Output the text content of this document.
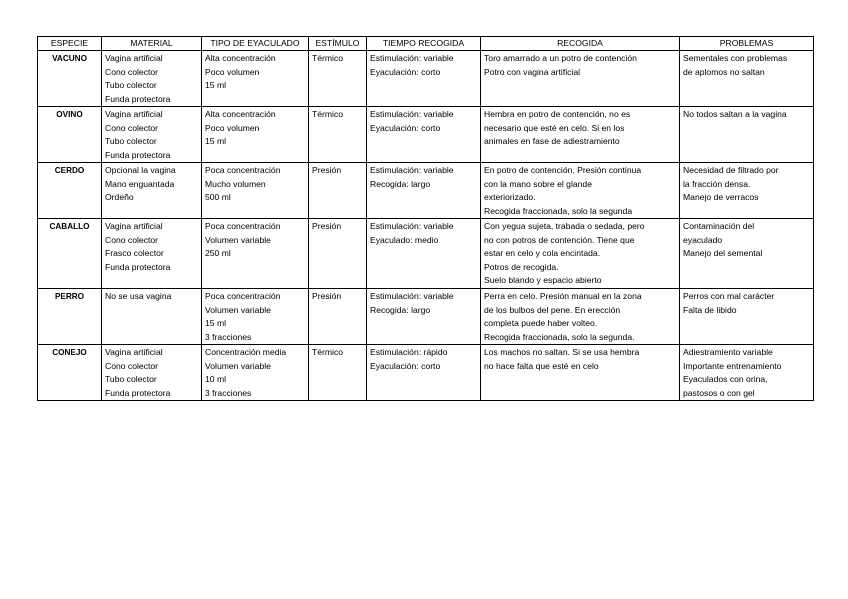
ESPECIE	MATERIAL	TIPO DE EYACULADO	ESTÍMULO	TIEMPO RECOGIDA	RECOGIDA	PROBLEMAS
VACUNO	Vagina artificial
Cono colector
Tubo colector
Funda protectora	Alta concentración
Poco volumen
15 ml	Térmico	Estimulación: variable
Eyaculación: corto	Toro amarrado a un potro de contención
Potro con vagina artificial	Sementales con problemas
de aplomos no saltan

OVINO	Vagina artificial
Cono colector
Tubo colector
Funda protectora	Alta concentración
Poco volumen
15 ml	Térmico	Estimulación: variable
Eyaculación: corto	Hembra en potro de contención, no es
necesario que esté en celo. Si en los
animales en fase de adiestramiento	No todos saltan a la vagina

CERDO	Opcional la vagina
Mano enguantada
Ordeño	Poca concentración
Mucho volumen
500 ml	Presión	Estimulación: variable
Recogida: largo	En potro de contención. Presión continua
con la mano sobre el glande
exteriorizado.
Recogida fraccionada, solo la segunda	Necesidad de filtrado por
la fracción densa.
Manejo de verracos

CABALLO	Vagina artificial
Cono colector
Frasco colector
Funda protectora	Poca concentración
Volumen variable
250 ml	Presión	Estimulación: variable
Eyaculado: medio	Con yegua sujeta, trabada o sedada, pero
no con potros de contención. Tiene que
estar en celo y cola encintada.
Potros de recogida.
Suelo blando y espacio abierto	Contaminación del
eyaculado
Manejo del semental

PERRO	No se usa vagina	Poca concentración
Volumen variable
15 ml
3 fracciones	Presión	Estimulación: variable
Recogida: largo	Perra en celo. Presión manual en la zona
de los bulbos del pene. En erección
completa puede haber volteo.
Recogida fraccionada, solo la segunda.	Perros con mal carácter
Falta de libido

CONEJO	Vagina artificial
Cono colector
Tubo colector
Funda protectora	Concentración media
Volumen variable
10 ml
3 fracciones	Térmico	Estimulación: rápido
Eyaculación: corto	Los machos no saltan. Si se usa hembra
no hace falta que esté en celo	Adiestramiento variable
Importante entrenamiento
Eyaculados con orina,
pastosos o con gel
